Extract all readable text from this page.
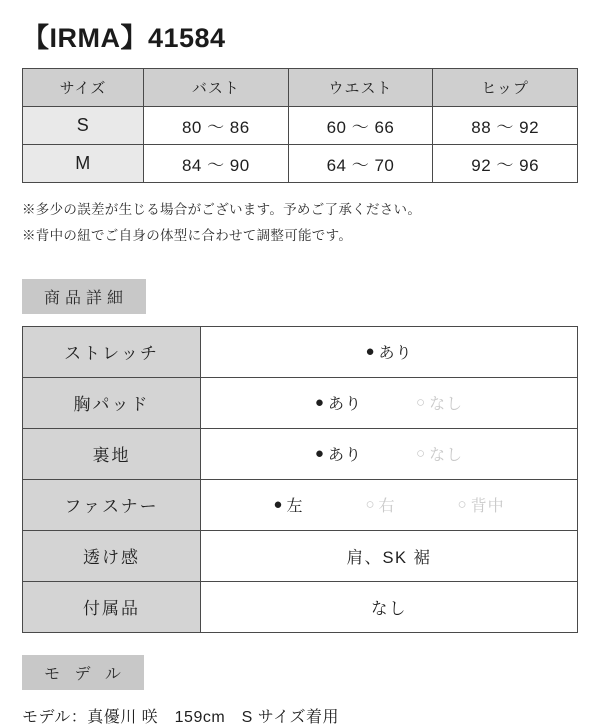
【IRMA】41584
サイズ	バスト	ウエスト	ヒップ
S	80 〜 86	60 〜 66	88 〜 92
M	84 〜 90	64 〜 70	92 〜 96
※多少の誤差が生じる場合がございます。予めご了承ください。
※背中の紐でご自身の体型に合わせて調整可能です。
商品詳細
ストレッチ	● あり

胸パッド	● あり ○ なし

裏地	● あり ○ なし

ファスナー	● 左	○ 右	○ 背中

透け感	肩、SK 裾
付属品	なし
モ デ ル
モデル：真優川 咲　159cm　S サイズ着用
